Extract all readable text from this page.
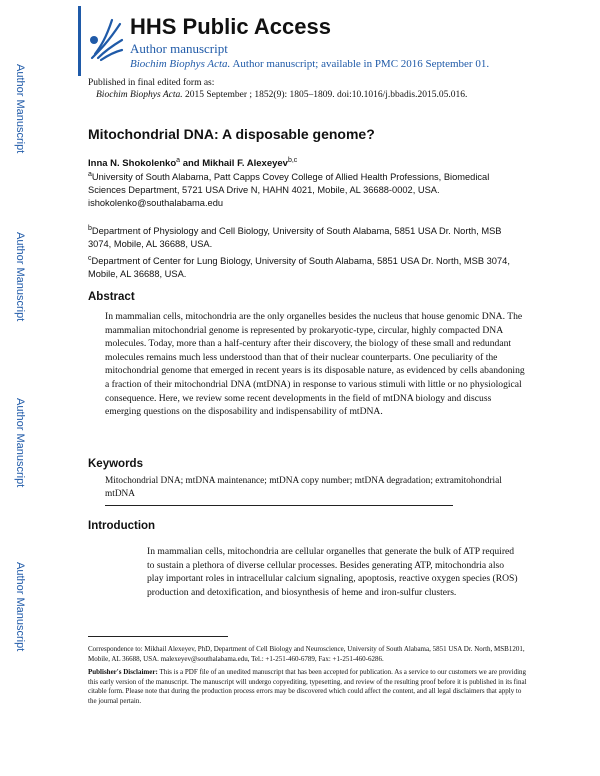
Author Manuscript
Author Manuscript
Author Manuscript
Author Manuscript
HHS Public Access
Author manuscript
Biochim Biophys Acta. Author manuscript; available in PMC 2016 September 01.
Published in final edited form as:
Biochim Biophys Acta. 2015 September ; 1852(9): 1805–1809. doi:10.1016/j.bbadis.2015.05.016.
Mitochondrial DNA: A disposable genome?
Inna N. Shokolenko$^a$ and Mikhail F. Alexeyev$^{b,c}$
$^a$University of South Alabama, Patt Capps Covey College of Allied Health Professions, Biomedical Sciences Department, 5721 USA Drive N, HAHN 4021, Mobile, AL 36688-0002, USA. ishokolenko@southalabama.edu
$^b$Department of Physiology and Cell Biology, University of South Alabama, 5851 USA Dr. North, MSB 3074, Mobile, AL 36688, USA.
$^c$Department of Center for Lung Biology, University of South Alabama, 5851 USA Dr. North, MSB 3074, Mobile, AL 36688, USA.
Abstract
In mammalian cells, mitochondria are the only organelles besides the nucleus that house genomic DNA. The mammalian mitochondrial genome is represented by prokaryotic-type, circular, highly compacted DNA molecules. Today, more than a half-century after their discovery, the biology of these small and redundant molecules remains much less understood than that of their nuclear counterparts. One peculiarity of the mitochondrial genome that emerged in recent years is its disposable nature, as evidenced by cells abandoning a fraction of their mitochondrial DNA (mtDNA) in response to various stimuli with little or no physiological consequence. Here, we review some recent developments in the field of mtDNA biology and discuss emerging questions on the disposability and indispensability of mtDNA.
Keywords
Mitochondrial DNA; mtDNA maintenance; mtDNA copy number; mtDNA degradation; extramitohondrial mtDNA
Introduction
In mammalian cells, mitochondria are cellular organelles that generate the bulk of ATP required to sustain a plethora of diverse cellular processes. Besides generating ATP, mitochondria also play important roles in intracellular calcium signaling, apoptosis, reactive oxygen species (ROS) production and detoxification, and biosynthesis of heme and iron-sulfur clusters.
Correspondence to: Mikhail Alexeyev, PhD, Department of Cell Biology and Neuroscience, University of South Alabama, 5851 USA Dr. North, MSB1201, Mobile, AL 36688, USA. malexeyev@southalabama.edu, Tel.: +1-251-460-6789, Fax: +1-251-460-6286.
Publisher's Disclaimer: This is a PDF file of an unedited manuscript that has been accepted for publication. As a service to our customers we are providing this early version of the manuscript. The manuscript will undergo copyediting, typesetting, and review of the resulting proof before it is published in its final citable form. Please note that during the production process errors may be discovered which could affect the content, and all legal disclaimers that apply to the journal pertain.
